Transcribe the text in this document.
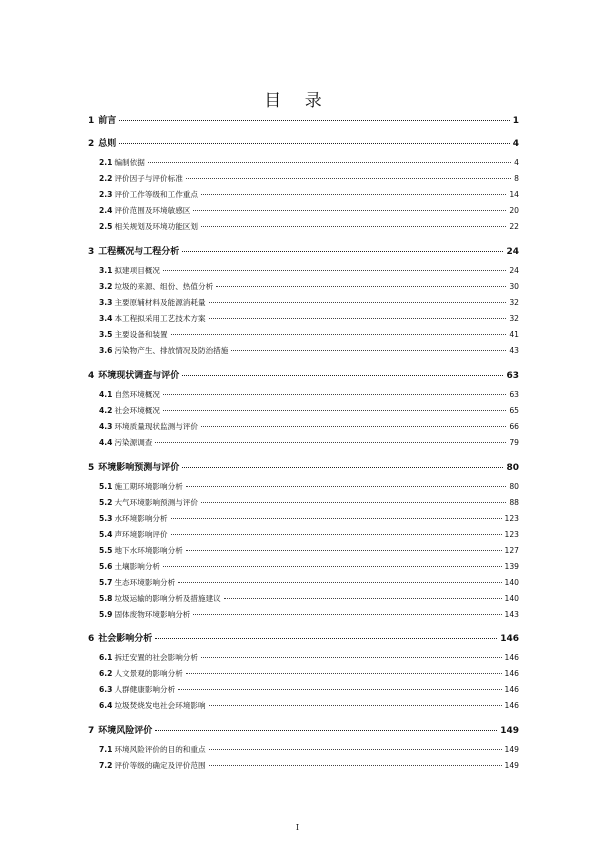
目 录
1 前言	1
2 总则	4
2.1 编制依据	4
2.2 评价因子与评价标准	8
2.3 评价工作等级和工作重点	14
2.4 评价范围及环境敏感区	20
2.5 相关规划及环境功能区划	22
3 工程概况与工程分析	24
3.1 拟建项目概况	24
3.2 垃圾的来源、组份、热值分析	30
3.3 主要原辅材料及能源消耗量	32
3.4 本工程拟采用工艺技术方案	32
3.5 主要设备和装置	41
3.6 污染物产生、排放情况及防治措施	43
4 环境现状调查与评价	63
4.1 自然环境概况	63
4.2 社会环境概况	65
4.3 环境质量现状监测与评价	66
4.4 污染源调查	79
5 环境影响预测与评价	80
5.1 施工期环境影响分析	80
5.2 大气环境影响预测与评价	88
5.3 水环境影响分析	123
5.4 声环境影响评价	123
5.5 地下水环境影响分析	127
5.6 土壤影响分析	139
5.7 生态环境影响分析	140
5.8 垃圾运输的影响分析及措施建议	140
5.9 固体废物环境影响分析	143
6 社会影响分析	146
6.1 拆迁安置的社会影响分析	146
6.2 人文景观的影响分析	146
6.3 人群健康影响分析	146
6.4 垃圾焚烧发电社会环境影响	146
7 环境风险评价	149
7.1 环境风险评价的目的和重点	149
7.2 评价等级的确定及评价范围	149
I
